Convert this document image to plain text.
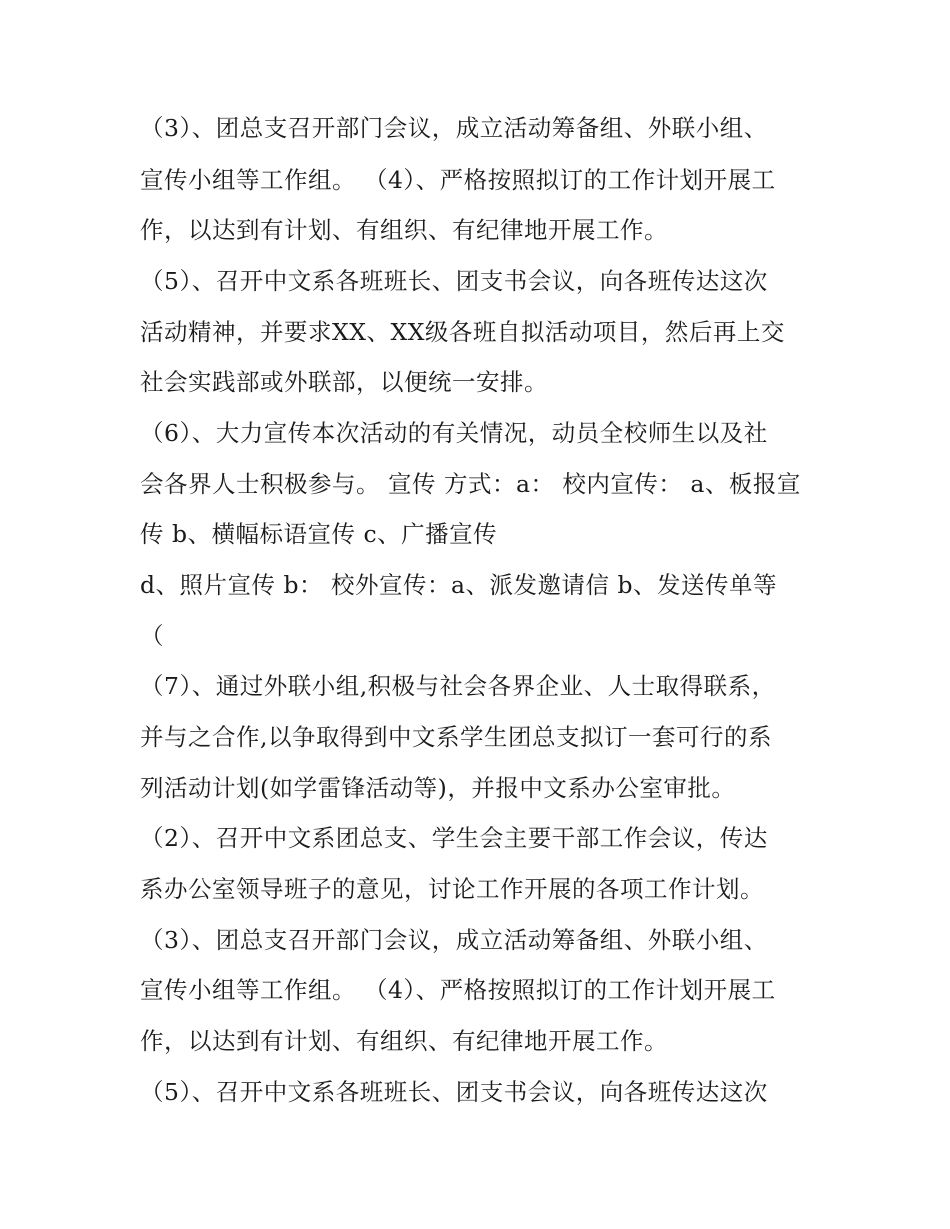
（3）、团总支召开部门会议，成立活动筹备组、外联小组、
宣传小组等工作组。 （4）、严格按照拟订的工作计划开展工
作，以达到有计划、有组织、有纪律地开展工作。
（5）、召开中文系各班班长、团支书会议，向各班传达这次
活动精神，并要求XX、XX级各班自拟活动项目，然后再上交
社会实践部或外联部，以便统一安排。
（6）、大力宣传本次活动的有关情况，动员全校师生以及社
会各界人士积极参与。 宣传 方式：a： 校内宣传： a、板报宣
传 b、横幅标语宣传 c、广播宣传
d、照片宣传 b： 校外宣传：a、派发邀请信 b、发送传单等
（
（7）、通过外联小组,积极与社会各界企业、人士取得联系，
并与之合作,以争取得到中文系学生团总支拟订一套可行的系
列活动计划(如学雷锋活动等)，并报中文系办公室审批。
（2）、召开中文系团总支、学生会主要干部工作会议，传达
系办公室领导班子的意见，讨论工作开展的各项工作计划。
（3）、团总支召开部门会议，成立活动筹备组、外联小组、
宣传小组等工作组。 （4）、严格按照拟订的工作计划开展工
作，以达到有计划、有组织、有纪律地开展工作。
（5）、召开中文系各班班长、团支书会议，向各班传达这次
